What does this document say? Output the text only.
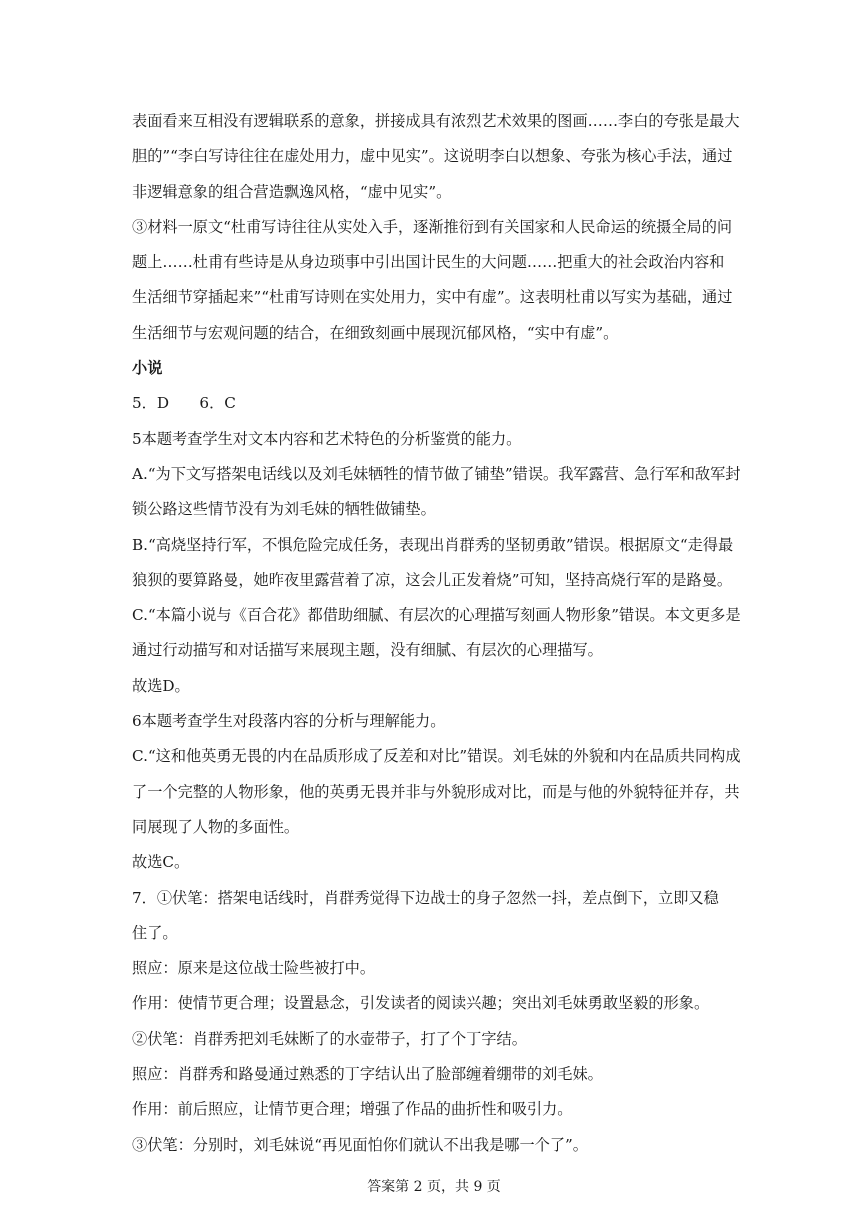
表面看来互相没有逻辑联系的意象，拼接成具有浓烈艺术效果的图画……李白的夸张是最大
胆的”“李白写诗往往在虚处用力，虚中见实”。这说明李白以想象、夸张为核心手法，通过
非逻辑意象的组合营造飘逸风格，“虚中见实”。
③材料一原文“杜甫写诗往往从实处入手，逐渐推衍到有关国家和人民命运的统摄全局的问
题上……杜甫有些诗是从身边琐事中引出国计民生的大问题……把重大的社会政治内容和
生活细节穿插起来”“杜甫写诗则在实处用力，实中有虚”。这表明杜甫以写实为基础，通过
生活细节与宏观问题的结合，在细致刻画中展现沉郁风格，“实中有虚”。
小说
5．D　　6．C
5本题考查学生对文本内容和艺术特色的分析鉴赏的能力。
A.“为下文写搭架电话线以及刘毛妹牺牲的情节做了铺垫”错误。我军露营、急行军和敌军封
锁公路这些情节没有为刘毛妹的牺牲做铺垫。
B.“高烧坚持行军，不惧危险完成任务，表现出肖群秀的坚韧勇敢”错误。根据原文“走得最
狼狈的要算路曼，她昨夜里露营着了凉，这会儿正发着烧”可知，坚持高烧行军的是路曼。
C.“本篇小说与《百合花》都借助细腻、有层次的心理描写刻画人物形象”错误。本文更多是
通过行动描写和对话描写来展现主题，没有细腻、有层次的心理描写。
故选D。
6本题考查学生对段落内容的分析与理解能力。
C.“这和他英勇无畏的内在品质形成了反差和对比”错误。刘毛妹的外貌和内在品质共同构成
了一个完整的人物形象，他的英勇无畏并非与外貌形成对比，而是与他的外貌特征并存，共
同展现了人物的多面性。
故选C。
7．①伏笔：搭架电话线时，肖群秀觉得下边战士的身子忽然一抖，差点倒下，立即又稳
住了。
照应：原来是这位战士险些被打中。
作用：使情节更合理；设置悬念，引发读者的阅读兴趣；突出刘毛妹勇敢坚毅的形象。
②伏笔：肖群秀把刘毛妹断了的水壶带子，打了个丁字结。
照应：肖群秀和路曼通过熟悉的丁字结认出了脸部缠着绷带的刘毛妹。
作用：前后照应，让情节更合理；增强了作品的曲折性和吸引力。
③伏笔：分别时，刘毛妹说“再见面怕你们就认不出我是哪一个了”。
答案第 2 页，共 9 页
